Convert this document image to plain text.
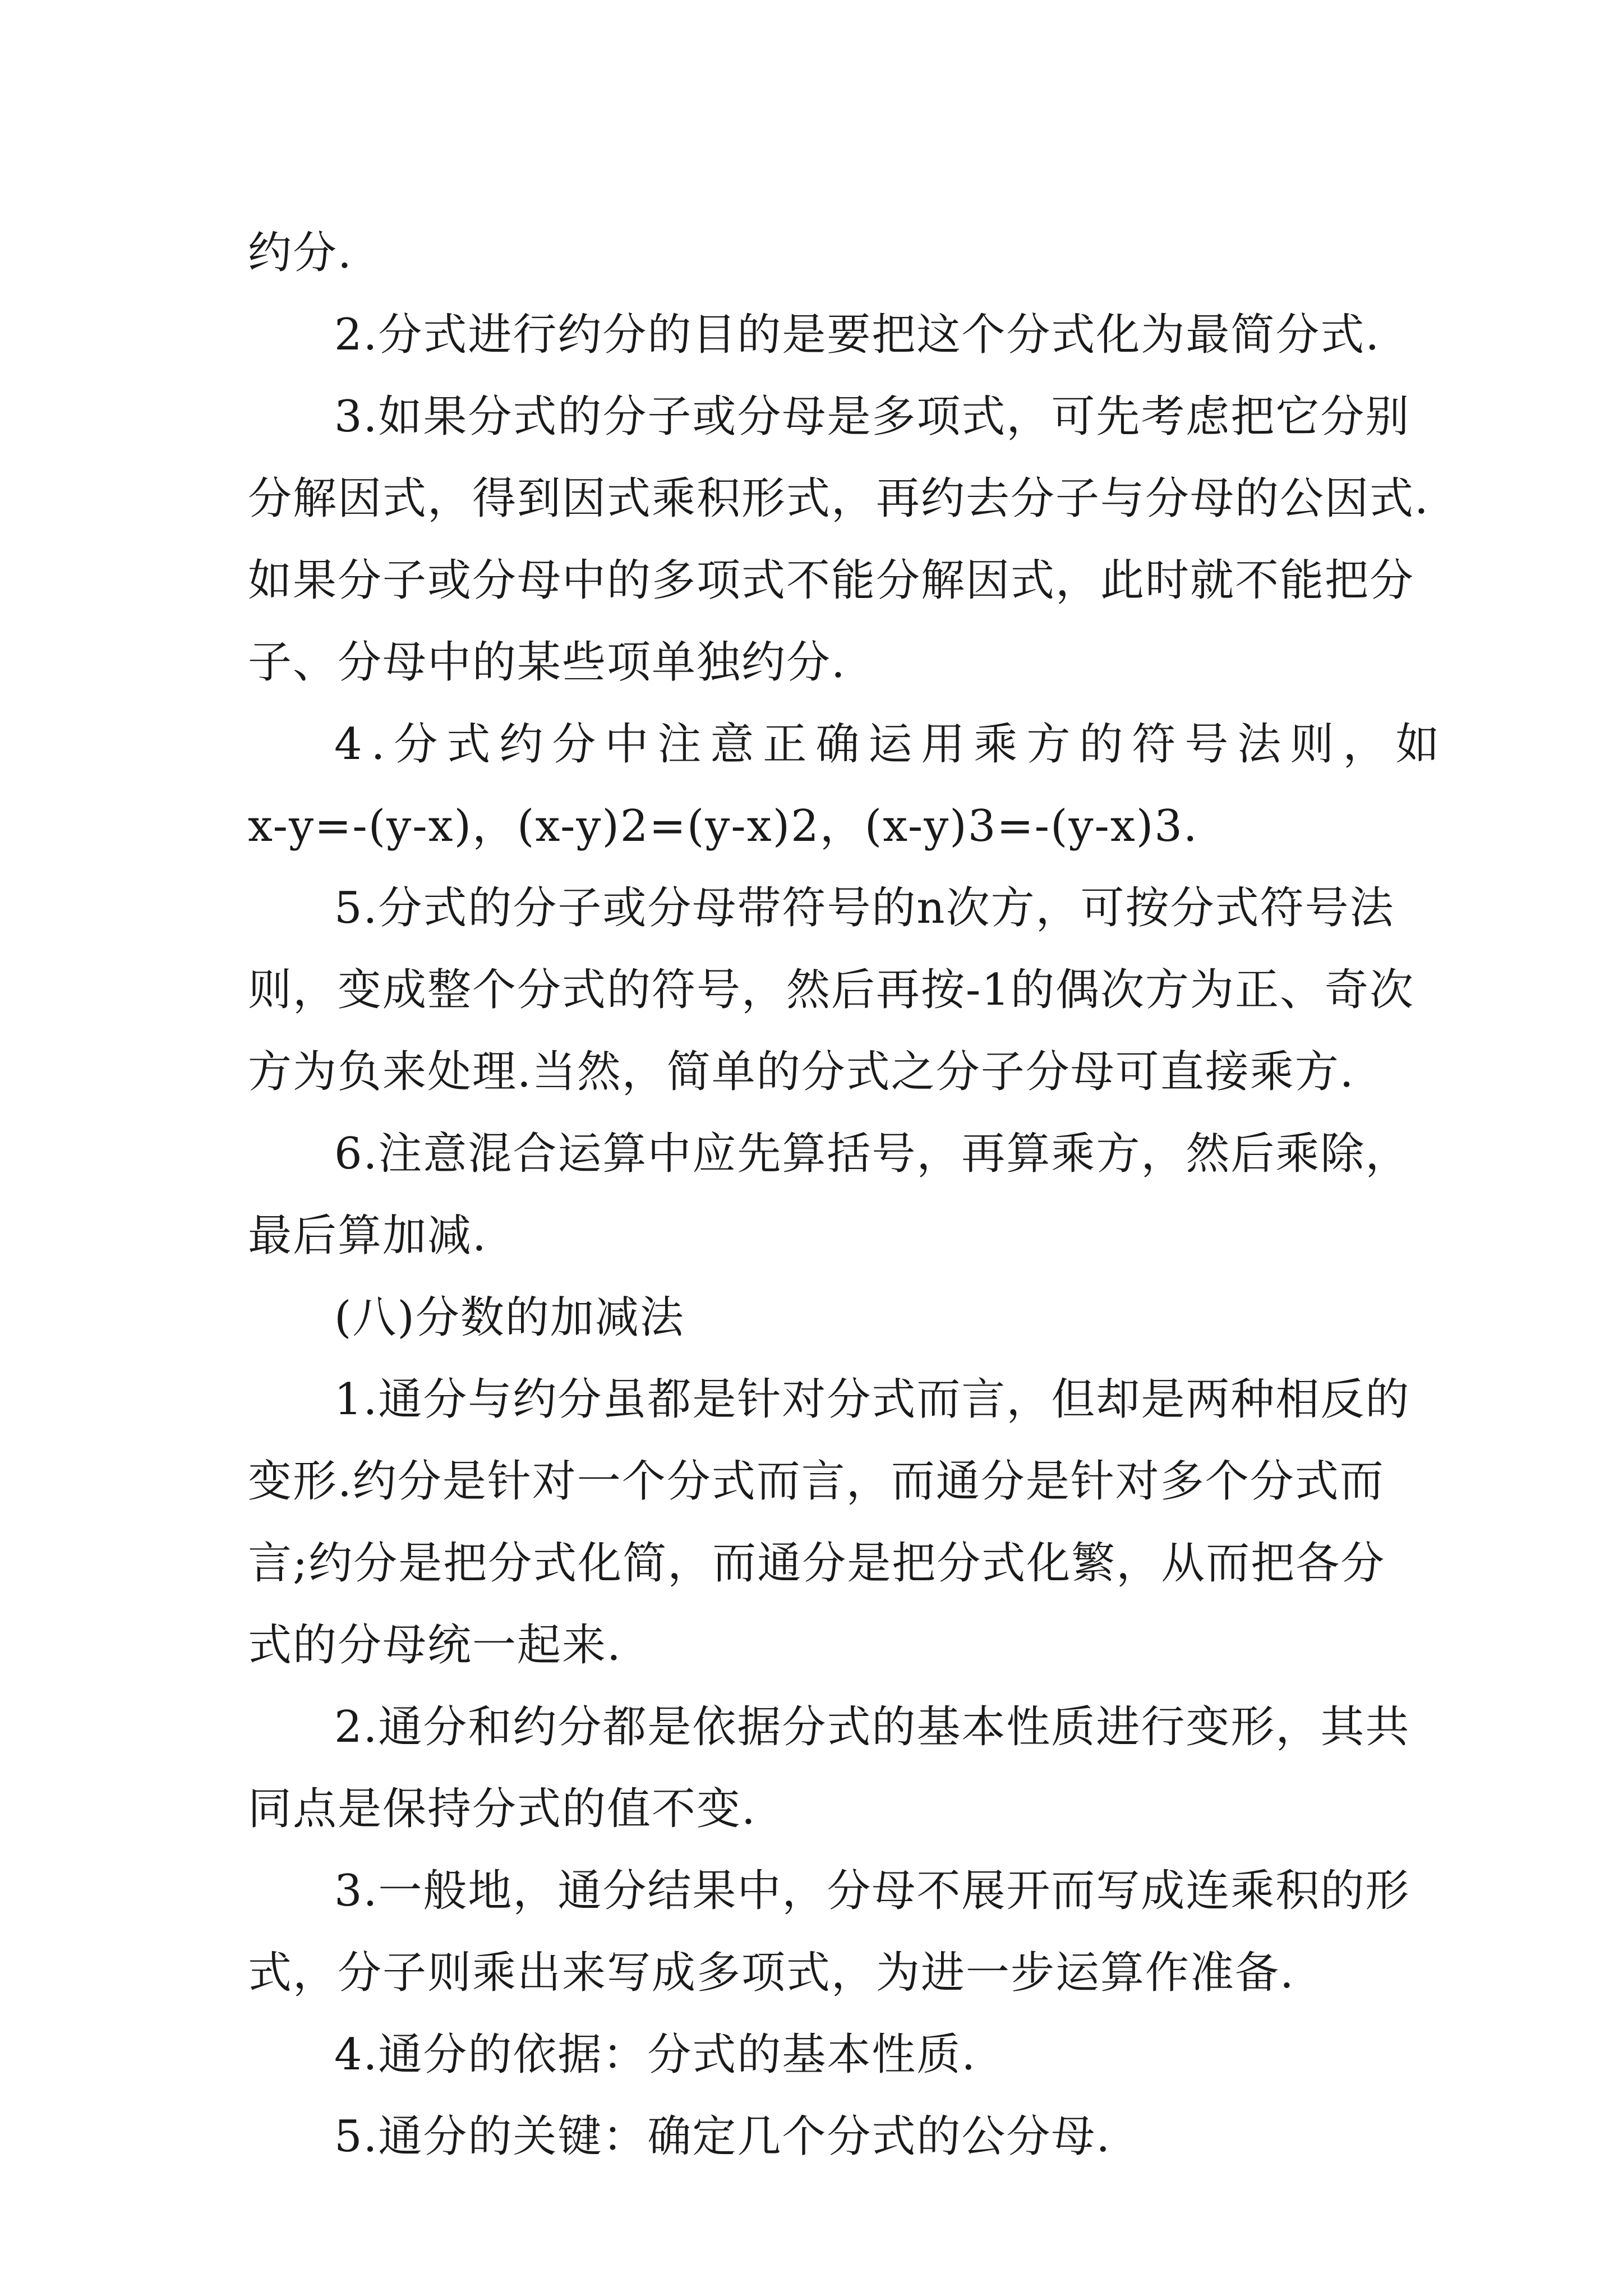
约分.
2.分式进行约分的目的是要把这个分式化为最简分式.
3.如果分式的分子或分母是多项式，可先考虑把它分别
分解因式，得到因式乘积形式，再约去分子与分母的公因式.
如果分子或分母中的多项式不能分解因式，此时就不能把分
子、分母中的某些项单独约分.
4.分式约分中注意正确运用乘方的符号法则，如
x-y=-(y-x)，(x-y)2=(y-x)2，(x-y)3=-(y-x)3.
5.分式的分子或分母带符号的n次方，可按分式符号法
则，变成整个分式的符号，然后再按-1的偶次方为正、奇次
方为负来处理.当然，简单的分式之分子分母可直接乘方.
6.注意混合运算中应先算括号，再算乘方，然后乘除，
最后算加减.
(八)分数的加减法
1.通分与约分虽都是针对分式而言，但却是两种相反的
变形.约分是针对一个分式而言，而通分是针对多个分式而
言;约分是把分式化简，而通分是把分式化繁，从而把各分
式的分母统一起来.
2.通分和约分都是依据分式的基本性质进行变形，其共
同点是保持分式的值不变.
3.一般地，通分结果中，分母不展开而写成连乘积的形
式，分子则乘出来写成多项式，为进一步运算作准备.
4.通分的依据：分式的基本性质.
5.通分的关键：确定几个分式的公分母.
